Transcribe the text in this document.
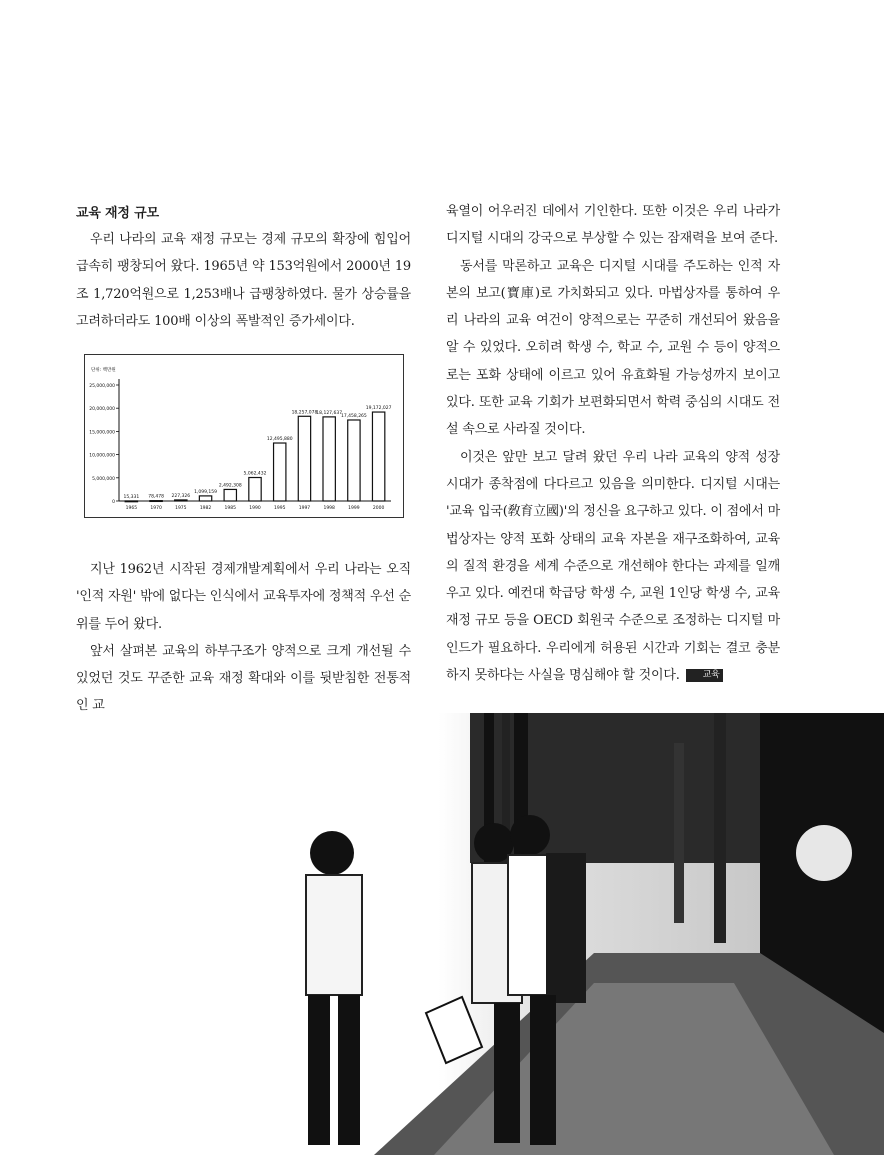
교육 재정 규모

우리 나라의 교육 재정 규모는 경제 규모의 확장에 힘입어 급속히 팽창되어 왔다. 1965년 약 153억원에서 2000년 19조 1,720억원으로 1,253배나 급팽창하였다. 물가 상승률을 고려하더라도 100배 이상의 폭발적인 증가세이다.

단위: 백만원
0
5,000,000
10,000,000
15,000,000
20,000,000
25,000,000
15,331
1965
78,478
1970
227,326
1975
1,099,159
1982
2,492,308
1985
5,062,432
1990
12,495,880
1995
18,257,078
1997
18,127,637
1998
17,458,265
1999
19,172,027
2000

지난 1962년 시작된 경제개발계획에서 우리 나라는 오직 '인적 자원' 밖에 없다는 인식에서 교육투자에 정책적 우선 순위를 두어 왔다.

앞서 살펴본 교육의 하부구조가 양적으로 크게 개선될 수 있었던 것도 꾸준한 교육 재정 확대와 이를 뒷받침한 전통적인 교

육열이 어우러진 데에서 기인한다. 또한 이것은 우리 나라가 디지털 시대의 강국으로 부상할 수 있는 잠재력을 보여 준다.

동서를 막론하고 교육은 디지털 시대를 주도하는 인적 자본의 보고(寶庫)로 가치화되고 있다. 마법상자를 통하여 우리 나라의 교육 여건이 양적으로는 꾸준히 개선되어 왔음을 알 수 있었다. 오히려 학생 수, 학교 수, 교원 수 등이 양적으로는 포화 상태에 이르고 있어 유효화될 가능성까지 보이고 있다. 또한 교육 기회가 보편화되면서 학력 중심의 시대도 전설 속으로 사라질 것이다.

이것은 앞만 보고 달려 왔던 우리 나라 교육의 양적 성장 시대가 종착점에 다다르고 있음을 의미한다. 디지털 시대는 '교육 입국(敎育立國)'의 정신을 요구하고 있다. 이 점에서 마법상자는 양적 포화 상태의 교육 자본을 재구조화하여, 교육의 질적 환경을 세계 수준으로 개선해야 한다는 과제를 일깨우고 있다. 예컨대 학급당 학생 수, 교원 1인당 학생 수, 교육 재정 규모 등을 OECD 회원국 수준으로 조정하는 디지털 마인드가 필요하다. 우리에게 허용된 시간과 기회는 결코 충분하지 못하다는 사실을 명심해야 할 것이다.	교육
